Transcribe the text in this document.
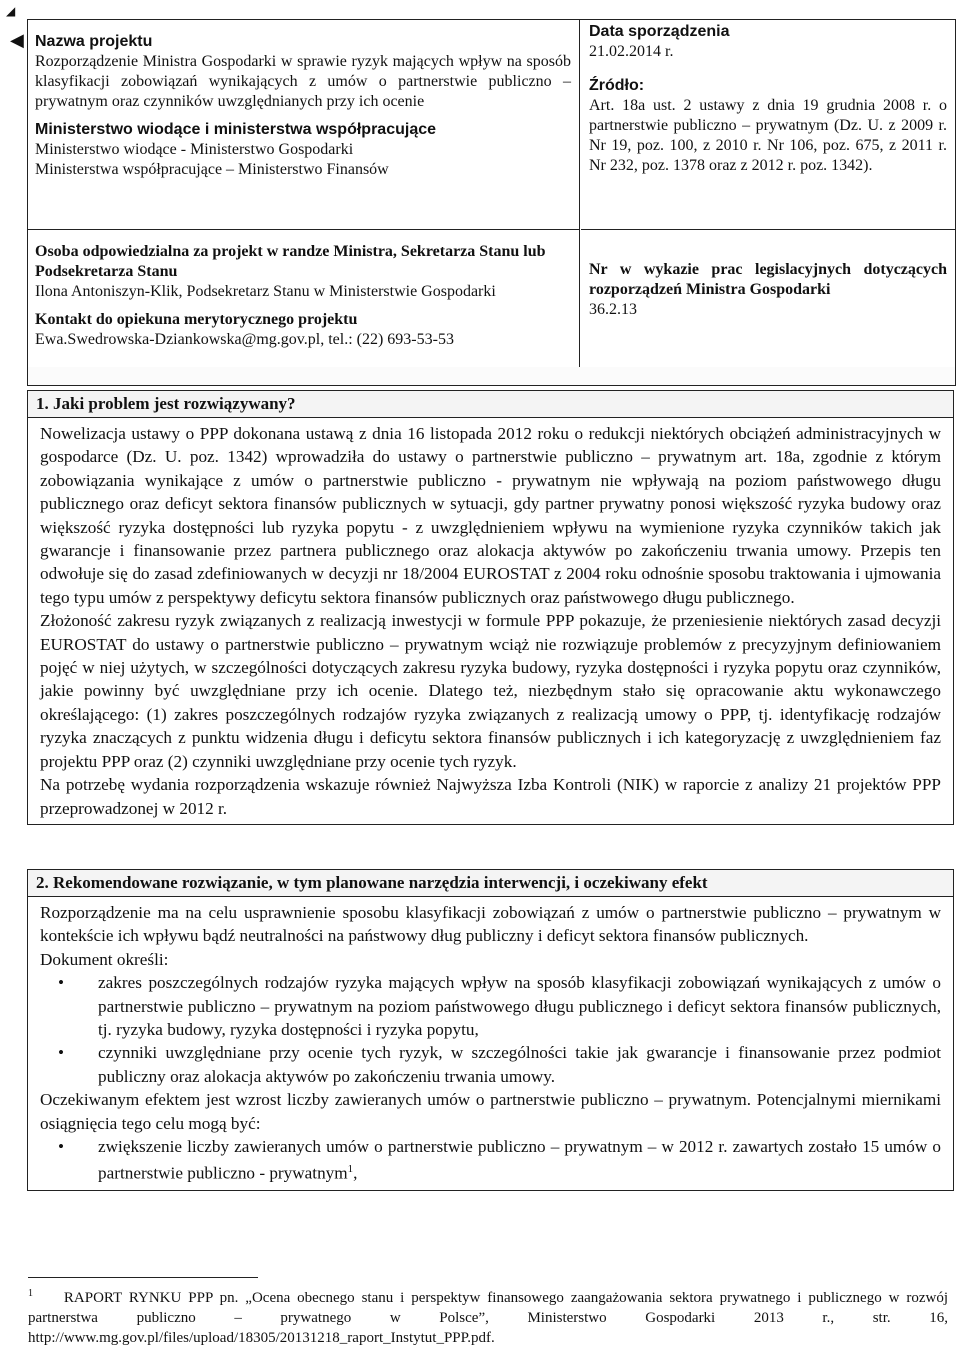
◢
◀ Nazwa projektu
Rozporządzenie Ministra Gospodarki w sprawie ryzyk mających wpływ na sposób klasyfikacji zobowiązań wynikających z umów o partnerstwie publiczno – prywatnym oraz czynników uwzględnianych przy ich ocenie
Ministerstwo wiodące i ministerstwa współpracujące
Ministerstwo wiodące - Ministerstwo Gospodarki
Ministerstwa współpracujące – Ministerstwo Finansów
Osoba odpowiedzialna za projekt w randze Ministra, Sekretarza Stanu lub Podsekretarza Stanu
Ilona Antoniszyn-Klik, Podsekretarz Stanu w Ministerstwie Gospodarki
Kontakt do opiekuna merytorycznego projektu
Ewa.Swedrowska-Dziankowska@mg.gov.pl, tel.: (22) 693-53-53
Data sporządzenia
21.02.2014 r.
Źródło:
Art. 18a ust. 2 ustawy z dnia 19 grudnia 2008 r. o partnerstwie publiczno – prywatnym (Dz. U. z 2009 r. Nr 19, poz. 100, z 2010 r. Nr 106, poz. 675, z 2011 r. Nr 232, poz. 1378 oraz z 2012 r. poz. 1342).
Nr w wykazie prac legislacyjnych dotyczących rozporządzeń Ministra Gospodarki
36.2.13
1. Jaki problem jest rozwiązywany?

Nowelizacja ustawy o PPP dokonana ustawą z dnia 16 listopada 2012 roku o redukcji niektórych obciążeń administracyjnych w gospodarce (Dz. U. poz. 1342) wprowadziła do ustawy o partnerstwie publiczno – prywatnym art. 18a, zgodnie z którym zobowiązania wynikające z umów o partnerstwie publiczno - prywatnym nie wpływają na poziom państwowego długu publicznego oraz deficyt sektora finansów publicznych w sytuacji, gdy partner prywatny ponosi większość ryzyka budowy oraz większość ryzyka dostępności lub ryzyka popytu - z uwzględnieniem wpływu na wymienione ryzyka czynników takich jak gwarancje i finansowanie przez partnera publicznego oraz alokacja aktywów po zakończeniu trwania umowy. Przepis ten odwołuje się do zasad zdefiniowanych w decyzji nr 18/2004 EUROSTAT z 2004 roku odnośnie sposobu traktowania i ujmowania tego typu umów z perspektywy deficytu sektora finansów publicznych oraz państwowego długu publicznego.

Złożoność zakresu ryzyk związanych z realizacją inwestycji w formule PPP pokazuje, że przeniesienie niektórych zasad decyzji EUROSTAT do ustawy o partnerstwie publiczno – prywatnym wciąż nie rozwiązuje problemów z precyzyjnym definiowaniem pojęć w niej użytych, w szczególności dotyczących zakresu ryzyka budowy, ryzyka dostępności i ryzyka popytu oraz czynników, jakie powinny być uwzględniane przy ich ocenie. Dlatego też, niezbędnym stało się opracowanie aktu wykonawczego określającego: (1) zakres poszczególnych rodzajów ryzyka związanych z realizacją umowy o PPP, tj. identyfikację rodzajów ryzyka znaczących z punktu widzenia długu i deficytu sektora finansów publicznych i ich kategoryzację z uwzględnieniem faz projektu PPP oraz (2) czynniki uwzględniane przy ocenie tych ryzyk.

Na potrzebę wydania rozporządzenia wskazuje również Najwyższa Izba Kontroli (NIK) w raporcie z analizy 21 projektów PPP przeprowadzonej w 2012 r.

2. Rekomendowane rozwiązanie, w tym planowane narzędzia interwencji, i oczekiwany efekt

Rozporządzenie ma na celu usprawnienie sposobu klasyfikacji zobowiązań z umów o partnerstwie publiczno – prywatnym w kontekście ich wpływu bądź neutralności na państwowy dług publiczny i deficyt sektora finansów publicznych.

Dokument określi:

• zakres poszczególnych rodzajów ryzyka mających wpływ na sposób klasyfikacji zobowiązań wynikających z umów o partnerstwie publiczno – prywatnym na poziom państwowego długu publicznego i deficyt sektora finansów publicznych, tj. ryzyka budowy, ryzyka dostępności i ryzyka popytu,
• czynniki uwzględniane przy ocenie tych ryzyk, w szczególności takie jak gwarancje i finansowanie przez podmiot publiczny oraz alokacja aktywów po zakończeniu trwania umowy.

Oczekiwanym efektem jest wzrost liczby zawieranych umów o partnerstwie publiczno – prywatnym. Potencjalnymi miernikami osiągnięcia tego celu mogą być:

• zwiększenie liczby zawieranych umów o partnerstwie publiczno – prywatnym – w 2012 r. zawartych zostało 15 umów o partnerstwie publiczno - prywatnym$^1$,
$^1$ RAPORT RYNKU PPP pn. „Ocena obecnego stanu i perspektyw finansowego zaangażowania sektora prywatnego i publicznego w rozwój partnerstwa publiczno – prywatnego w Polsce”, Ministerstwo Gospodarki 2013 r., str. 16, http://www.mg.gov.pl/files/upload/18305/20131218_raport_Instytut_PPP.pdf.
